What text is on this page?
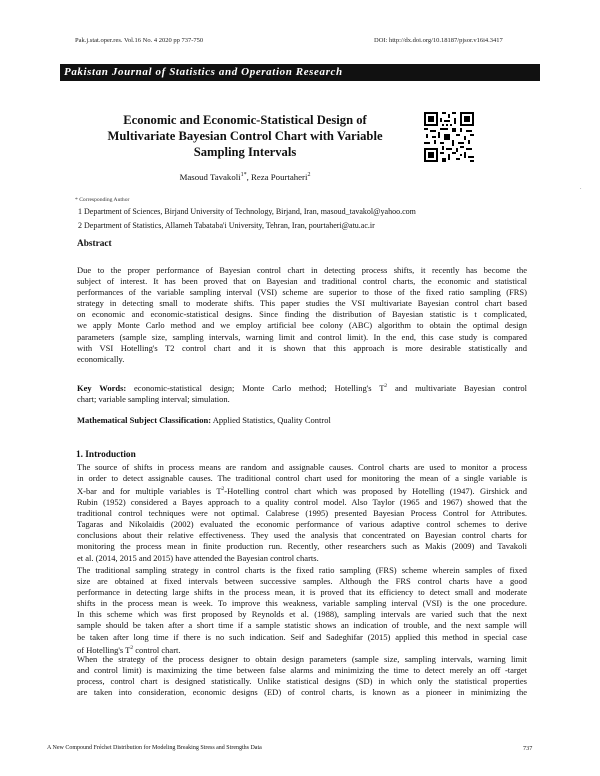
Pak.j.stat.oper.res. Vol.16 No. 4 2020 pp 737-750	DOI: http://dx.doi.org/10.18187/pjsor.v16i4.3417
Pakistan Journal of Statistics and Operation Research
Economic and Economic-Statistical Design of
Multivariate Bayesian Control Chart with Variable
Sampling Intervals
Masoud Tavakoli$^{1*}$, Reza Pourtaheri$^2$
* Corresponding Author
1 Department of Sciences, Birjand University of Technology, Birjand, Iran, masoud_tavakol@yahoo.com
2 Department of Statistics, Allameh Tabataba'i University, Tehran, Iran, pourtaheri@atu.ac.ir
Abstract
Due to the proper performance of Bayesian control chart in detecting process shifts, it recently has become the
subject of interest. It has been proved that on Bayesian and traditional control charts, the economic and statistical
performances of the variable sampling interval (VSI) scheme are superior to those of the fixed ratio sampling (FRS)
strategy in detecting small to moderate shifts. This paper studies the VSI multivariate Bayesian control chart based
on economic and economic-statistical designs. Since finding the distribution of Bayesian statistic is t complicated,
we apply Monte Carlo method and we employ artificial bee colony (ABC) algorithm to obtain the optimal design
parameters (sample size, sampling intervals, warning limit and control limit). In the end, this case study is compared
with VSI Hotelling's T2 control chart and it is shown that this approach is more desirable statistically and
economically.
Key Words: economic-statistical design; Monte Carlo method; Hotelling's $T^2$ and multivariate Bayesian control
chart; variable sampling interval; simulation.
Mathematical Subject Classification: Applied Statistics, Quality Control
1. Introduction
The source of shifts in process means are random and assignable causes. Control charts are used to monitor a process
in order to detect assignable causes. The traditional control chart used for monitoring the mean of a single variable is
X-bar and for multiple variables is $T^2$-Hotelling control chart which was proposed by Hotelling (1947). Girshick and
Rubin (1952) considered a Bayes approach to a quality control model. Also Taylor (1965 and 1967) showed that the
traditional control techniques were not optimal. Calabrese (1995) presented Bayesian Process Control for Attributes.
Tagaras and Nikolaidis (2002) evaluated the economic performance of various adaptive control schemes to derive
conclusions about their relative effectiveness. They used the analysis that concentrated on Bayesian control charts for
monitoring the process mean in finite production run. Recently, other researchers such as Makis (2009) and Tavakoli
et al. (2014, 2015 and 2015) have attended the Bayesian control charts.
The traditional sampling strategy in control charts is the fixed ratio sampling (FRS) scheme wherein samples of fixed
size are obtained at fixed intervals between successive samples. Although the FRS control charts have a good
performance in detecting large shifts in the process mean, it is proved that its efficiency to detect small and moderate
shifts in the process mean is week. To improve this weakness, variable sampling interval (VSI) is the one procedure.
In this scheme which was first proposed by Reynolds et al. (1988), sampling intervals are varied such that the next
sample should be taken after a short time if a sample statistic shows an indication of trouble, and the next sample will
be taken after long time if there is no such indication. Seif and Sadeghifar (2015) applied this method in special case
of Hotelling's $T^2$ control chart.
When the strategy of the process designer to obtain design parameters (sample size, sampling intervals, warning limit
and control limit) is maximizing the time between false alarms and minimizing the time to detect merely an off -target
process, control chart is designed statistically. Unlike statistical designs (SD) in which only the statistical properties
are taken into consideration, economic designs (ED) of control charts, is known as a pioneer in minimizing the
.
A New Compound Fréchet Distribution for Modeling Breaking Stress and Strengths Data	737
